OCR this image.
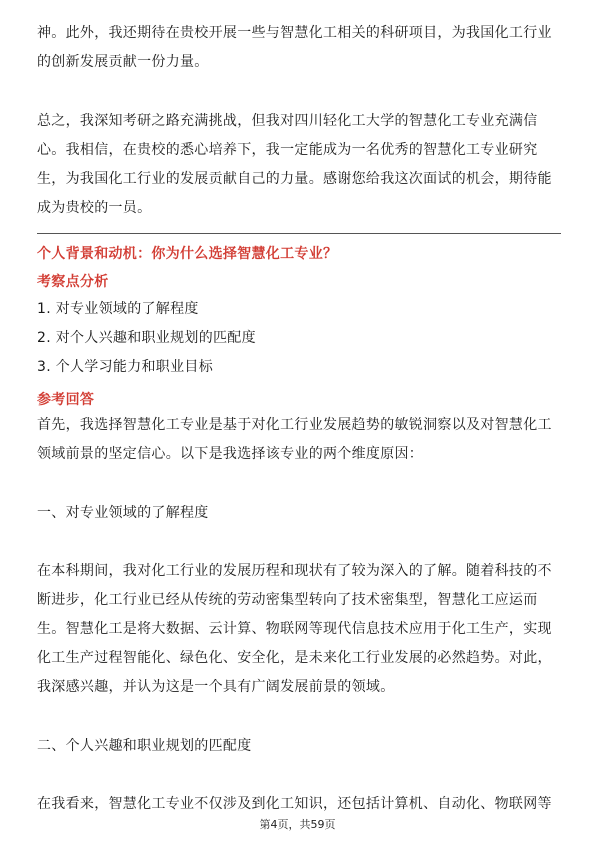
神。此外，我还期待在贵校开展一些与智慧化工相关的科研项目，为我国化工行业
的创新发展贡献一份力量。
总之，我深知考研之路充满挑战，但我对四川轻化工大学的智慧化工专业充满信
心。我相信，在贵校的悉心培养下，我一定能成为一名优秀的智慧化工专业研究
生，为我国化工行业的发展贡献自己的力量。感谢您给我这次面试的机会，期待能
成为贵校的一员。
个人背景和动机：你为什么选择智慧化工专业？
考察点分析
1. 对专业领域的了解程度
2. 对个人兴趣和职业规划的匹配度
3. 个人学习能力和职业目标
参考回答
首先，我选择智慧化工专业是基于对化工行业发展趋势的敏锐洞察以及对智慧化工
领域前景的坚定信心。以下是我选择该专业的两个维度原因：
一、对专业领域的了解程度
在本科期间，我对化工行业的发展历程和现状有了较为深入的了解。随着科技的不
断进步，化工行业已经从传统的劳动密集型转向了技术密集型，智慧化工应运而
生。智慧化工是将大数据、云计算、物联网等现代信息技术应用于化工生产，实现
化工生产过程智能化、绿色化、安全化，是未来化工行业发展的必然趋势。对此，
我深感兴趣，并认为这是一个具有广阔发展前景的领域。
二、个人兴趣和职业规划的匹配度
在我看来，智慧化工专业不仅涉及到化工知识，还包括计算机、自动化、物联网等
第4页，共59页
